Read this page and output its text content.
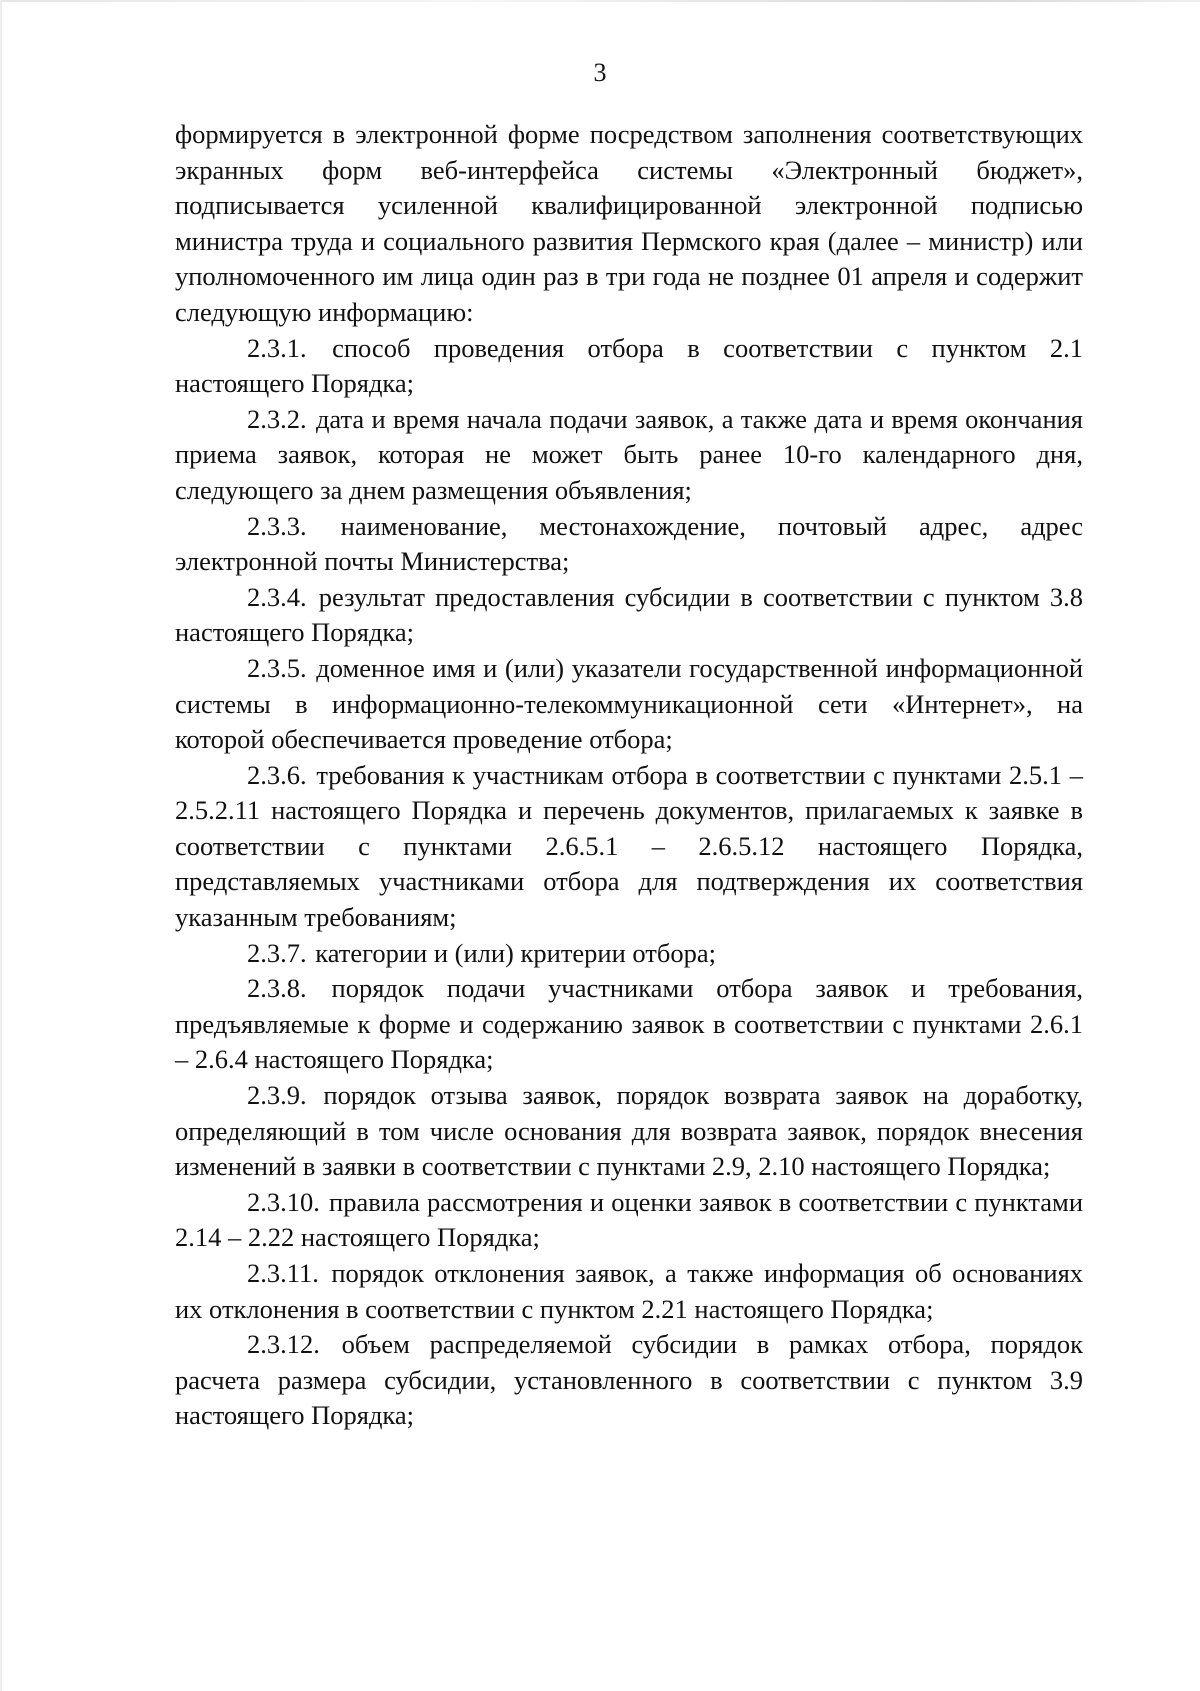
3

формируется в электронной форме посредством заполнения соответствующих экранных форм веб-интерфейса системы «Электронный бюджет», подписывается усиленной квалифицированной электронной подписью министра труда и социального развития Пермского края (далее – министр) или уполномоченного им лица один раз в три года не позднее 01 апреля и содержит следующую информацию:

2.3.1. способ проведения отбора в соответствии с пунктом 2.1 настоящего Порядка;

2.3.2. дата и время начала подачи заявок, а также дата и время окончания приема заявок, которая не может быть ранее 10-го календарного дня, следующего за днем размещения объявления;

2.3.3. наименование, местонахождение, почтовый адрес, адрес электронной почты Министерства;

2.3.4. результат предоставления субсидии в соответствии с пунктом 3.8 настоящего Порядка;

2.3.5. доменное имя и (или) указатели государственной информационной системы в информационно-телекоммуникационной сети «Интернет», на которой обеспечивается проведение отбора;

2.3.6. требования к участникам отбора в соответствии с пунктами 2.5.1 – 2.5.2.11 настоящего Порядка и перечень документов, прилагаемых к заявке в соответствии с пунктами 2.6.5.1 – 2.6.5.12 настоящего Порядка, представляемых участниками отбора для подтверждения их соответствия указанным требованиям;

2.3.7. категории и (или) критерии отбора;

2.3.8. порядок подачи участниками отбора заявок и требования, предъявляемые к форме и содержанию заявок в соответствии с пунктами 2.6.1 – 2.6.4 настоящего Порядка;

2.3.9. порядок отзыва заявок, порядок возврата заявок на доработку, определяющий в том числе основания для возврата заявок, порядок внесения изменений в заявки в соответствии с пунктами 2.9, 2.10 настоящего Порядка;

2.3.10. правила рассмотрения и оценки заявок в соответствии с пунктами 2.14 – 2.22 настоящего Порядка;

2.3.11. порядок отклонения заявок, а также информация об основаниях их отклонения в соответствии с пунктом 2.21 настоящего Порядка;

2.3.12. объем распределяемой субсидии в рамках отбора, порядок расчета размера субсидии, установленного в соответствии с пунктом 3.9 настоящего Порядка;
